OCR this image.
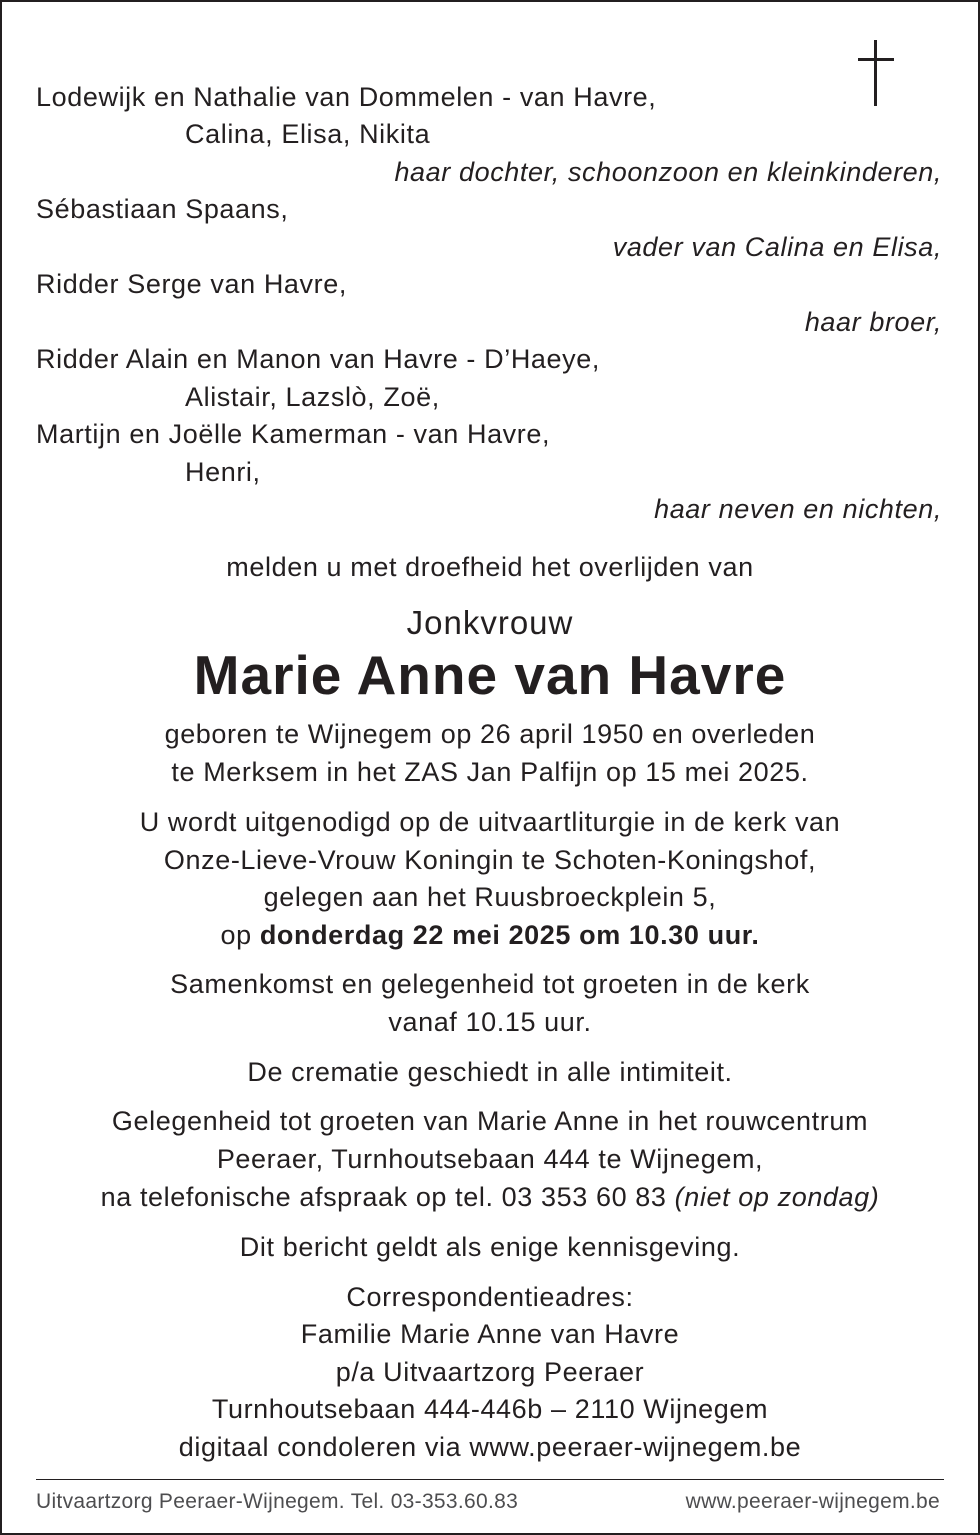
Lodewijk en Nathalie van Dommelen - van Havre,
Calina, Elisa, Nikita
haar dochter, schoonzoon en kleinkinderen,
Sébastiaan Spaans,
vader van Calina en Elisa,
Ridder Serge van Havre,
haar broer,
Ridder Alain en Manon van Havre - D’Haeye,
Alistair, Lazslò, Zoë,
Martijn en Joëlle Kamerman - van Havre,
Henri,
haar neven en nichten,
melden u met droefheid het overlijden van
Jonkvrouw
Marie Anne van Havre
geboren te Wijnegem op 26 april 1950 en overleden
te Merksem in het ZAS Jan Palfijn op 15 mei 2025.
U wordt uitgenodigd op de uitvaartliturgie in de kerk van
Onze-Lieve-Vrouw Koningin te Schoten-Koningshof,
gelegen aan het Ruusbroeckplein 5,
op donderdag 22 mei 2025 om 10.30 uur.
Samenkomst en gelegenheid tot groeten in de kerk
vanaf 10.15 uur.
De crematie geschiedt in alle intimiteit.
Gelegenheid tot groeten van Marie Anne in het rouwcentrum
Peeraer, Turnhoutsebaan 444 te Wijnegem,
na telefonische afspraak op tel. 03 353 60 83 (niet op zondag)
Dit bericht geldt als enige kennisgeving.
Correspondentieadres:
Familie Marie Anne van Havre
p/a Uitvaartzorg Peeraer
Turnhoutsebaan 444-446b – 2110 Wijnegem
digitaal condoleren via www.peeraer-wijnegem.be
Uitvaartzorg Peeraer-Wijnegem. Tel. 03-353.60.83	www.peeraer-wijnegem.be
